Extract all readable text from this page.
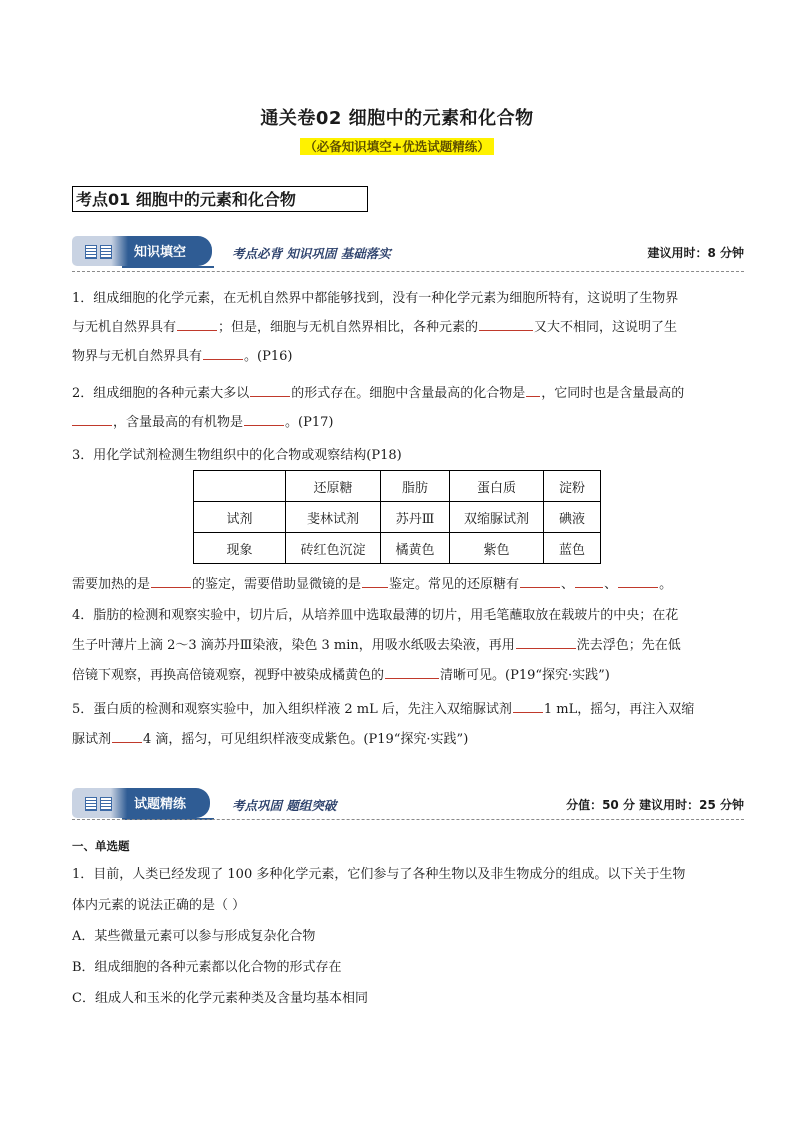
通关卷02 细胞中的元素和化合物
（必备知识填空+优选试题精练）
考点01 细胞中的元素和化合物
知识填空	考点必背 知识巩固 基础落实	建议用时：8 分钟
1．组成细胞的化学元素，在无机自然界中都能够找到，没有一种化学元素为细胞所特有，这说明了生物界
与无机自然界具有	；但是，细胞与无机自然界相比，各种元素的	又大不相同，这说明了生
物界与无机自然界具有	。(P16)
2．组成细胞的各种元素大多以	的形式存在。细胞中含量最高的化合物是 ，它同时也是含量最高的
，含量最高的有机物是	。(P17)
3．用化学试剂检测生物组织中的化合物或观察结构(P18)
	还原糖	脂肪	蛋白质	淀粉
试剂	斐林试剂	苏丹Ⅲ	双缩脲试剂	碘液
现象	砖红色沉淀	橘黄色	紫色	蓝色
需要加热的是	的鉴定，需要借助显微镜的是 鉴定。常见的还原糖有	、 、	。
4．脂肪的检测和观察实验中，切片后，从培养皿中选取最薄的切片，用毛笔蘸取放在载玻片的中央；在花
生子叶薄片上滴 2～3 滴苏丹Ⅲ染液，染色 3 min，用吸水纸吸去染液，再用	洗去浮色；先在低
倍镜下观察，再换高倍镜观察，视野中被染成橘黄色的	清晰可见。(P19“探究·实践”)
5．蛋白质的检测和观察实验中，加入组织样液 2 mL 后，先注入双缩脲试剂 1 mL，摇匀，再注入双缩
脲试剂 4 滴，摇匀，可见组织样液变成紫色。(P19“探究·实践”)
试题精练	考点巩固 题组突破	分值：50 分 建议用时：25 分钟
一、单选题
1．目前，人类已经发现了 100 多种化学元素，它们参与了各种生物以及非生物成分的组成。以下关于生物
体内元素的说法正确的是（ ）
A．某些微量元素可以参与形成复杂化合物
B．组成细胞的各种元素都以化合物的形式存在
C．组成人和玉米的化学元素种类及含量均基本相同
